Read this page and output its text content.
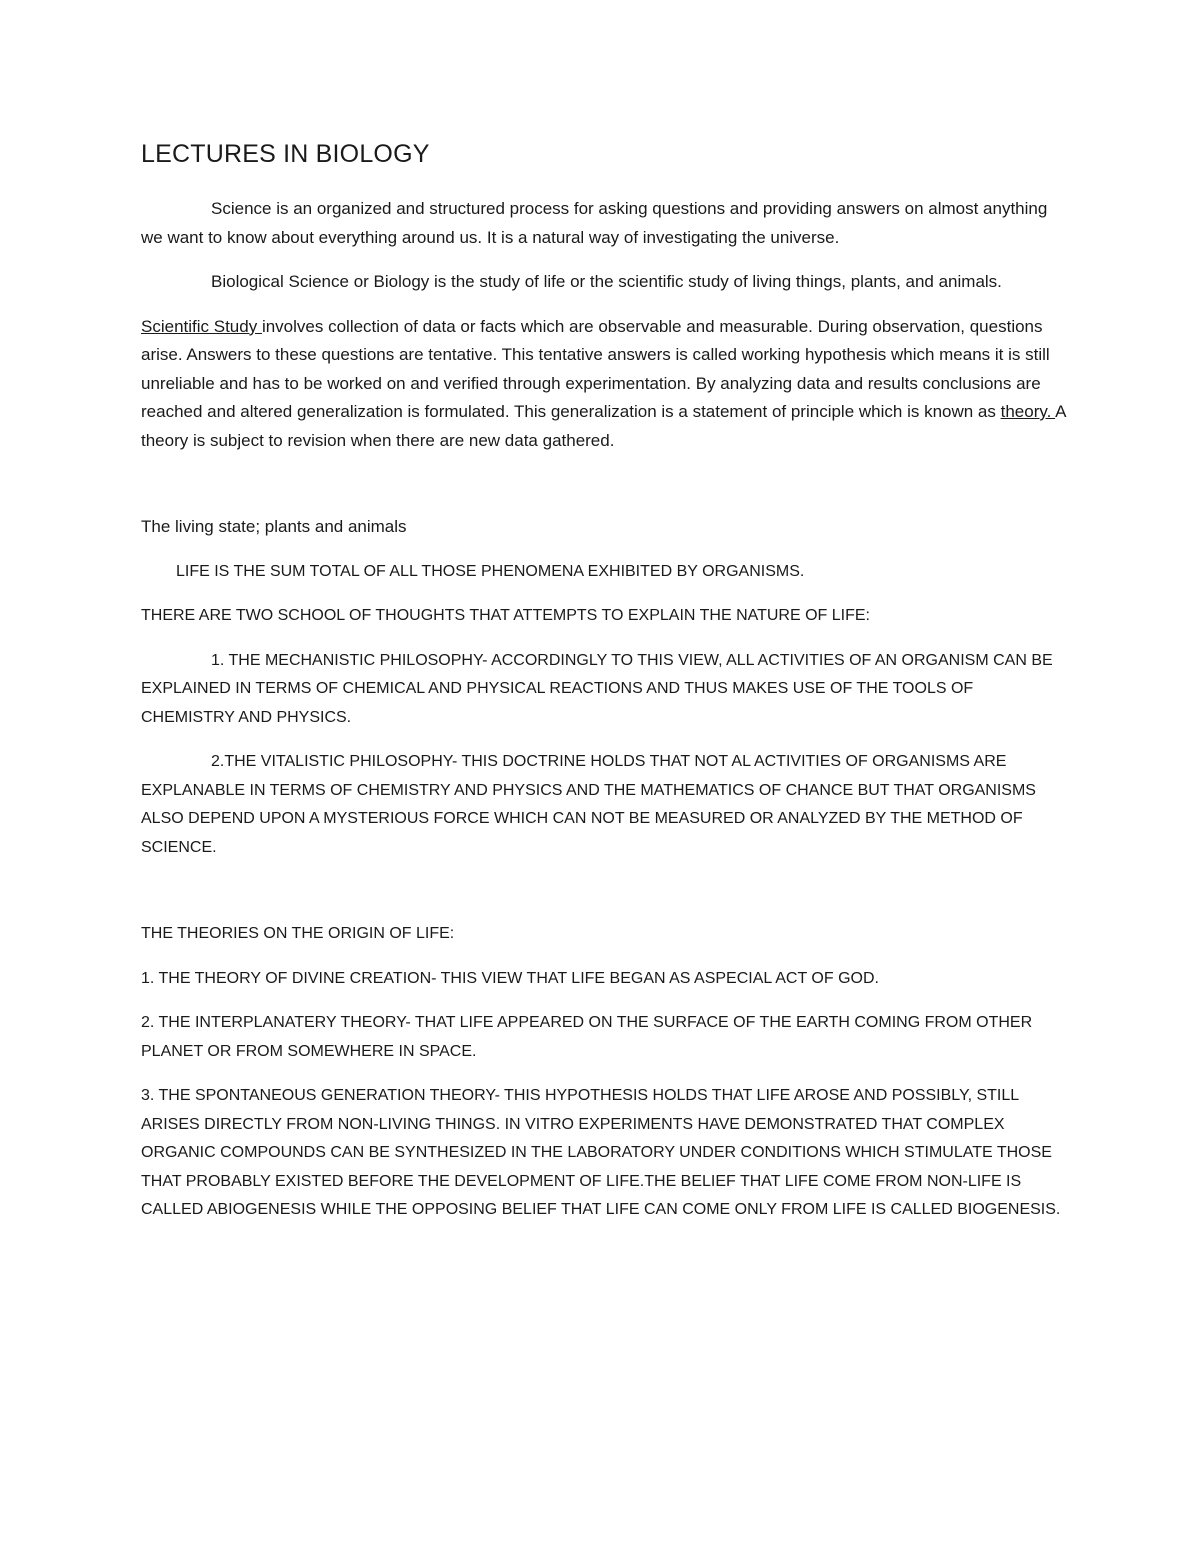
LECTURES IN BIOLOGY

Science is an organized and structured process for asking questions and providing answers on almost anything we want to know about everything around us. It is a natural way of investigating the universe.

Biological Science or Biology is the study of life or the scientific study of living things, plants, and animals.

Scientific Study involves collection of data or facts which are observable and measurable. During observation, questions arise. Answers to these questions are tentative. This tentative answers is called working hypothesis which means it is still unreliable and has to be worked on and verified through experimentation. By analyzing data and results conclusions are reached and altered generalization is formulated. This generalization is a statement of principle which is known as theory. A theory is subject to revision when there are new data gathered.

The living state; plants and animals

LIFE IS THE SUM TOTAL OF ALL THOSE PHENOMENA EXHIBITED BY ORGANISMS.

THERE ARE TWO SCHOOL OF THOUGHTS THAT ATTEMPTS TO EXPLAIN THE NATURE OF LIFE:

1. THE MECHANISTIC PHILOSOPHY- ACCORDINGLY TO THIS VIEW, ALL ACTIVITIES OF AN ORGANISM CAN BE EXPLAINED IN TERMS OF CHEMICAL AND PHYSICAL REACTIONS AND THUS MAKES USE OF THE TOOLS OF CHEMISTRY AND PHYSICS.

2.THE VITALISTIC PHILOSOPHY- THIS DOCTRINE HOLDS THAT NOT AL ACTIVITIES OF ORGANISMS ARE EXPLANABLE IN TERMS OF CHEMISTRY AND PHYSICS AND THE MATHEMATICS OF CHANCE BUT THAT ORGANISMS ALSO DEPEND UPON A MYSTERIOUS FORCE WHICH CAN NOT BE MEASURED OR ANALYZED BY THE METHOD OF SCIENCE.

THE THEORIES ON THE ORIGIN OF LIFE:

1. THE THEORY OF DIVINE CREATION- THIS VIEW THAT LIFE BEGAN AS ASPECIAL ACT OF GOD.

2. THE INTERPLANATERY THEORY- THAT LIFE APPEARED ON THE SURFACE OF THE EARTH COMING FROM OTHER PLANET OR FROM SOMEWHERE IN SPACE.

3. THE SPONTANEOUS GENERATION THEORY- THIS HYPOTHESIS HOLDS THAT LIFE AROSE AND POSSIBLY, STILL ARISES DIRECTLY FROM NON-LIVING THINGS. IN VITRO EXPERIMENTS HAVE DEMONSTRATED THAT COMPLEX ORGANIC COMPOUNDS CAN BE SYNTHESIZED IN THE LABORATORY UNDER CONDITIONS WHICH STIMULATE THOSE THAT PROBABLY EXISTED BEFORE THE DEVELOPMENT OF LIFE.THE BELIEF THAT LIFE COME FROM NON-LIFE IS CALLED ABIOGENESIS WHILE THE OPPOSING BELIEF THAT LIFE CAN COME ONLY FROM LIFE IS CALLED BIOGENESIS.
